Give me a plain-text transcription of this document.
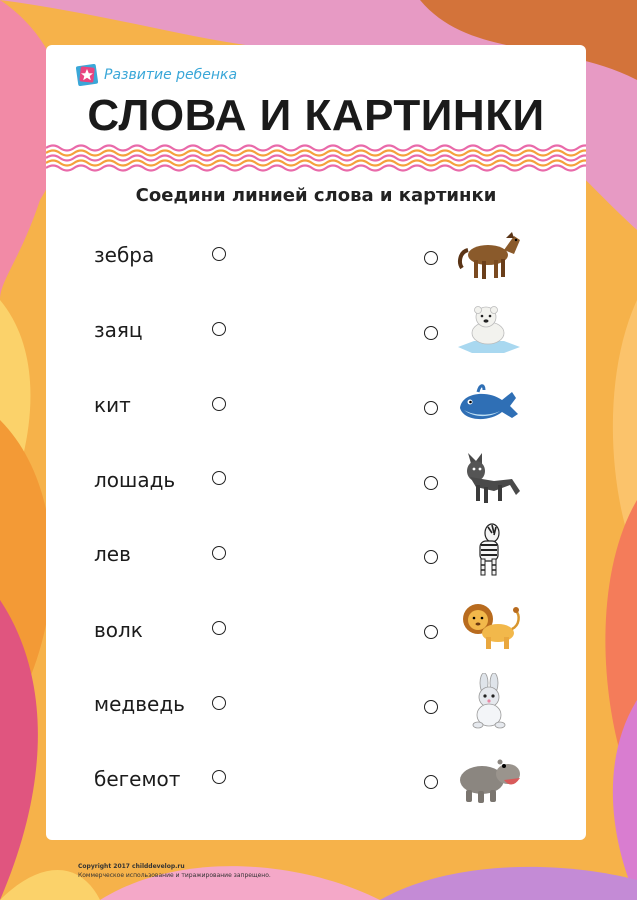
Развитие ребенка
СЛОВА И КАРТИНКИ
Соедини линией слова и картинки
зебра
заяц
кит
лошадь
лев
волк
медведь
бегемот
Copyright 2017 childdevelop.ru
Коммерческое использование и тиражирование запрещено.
